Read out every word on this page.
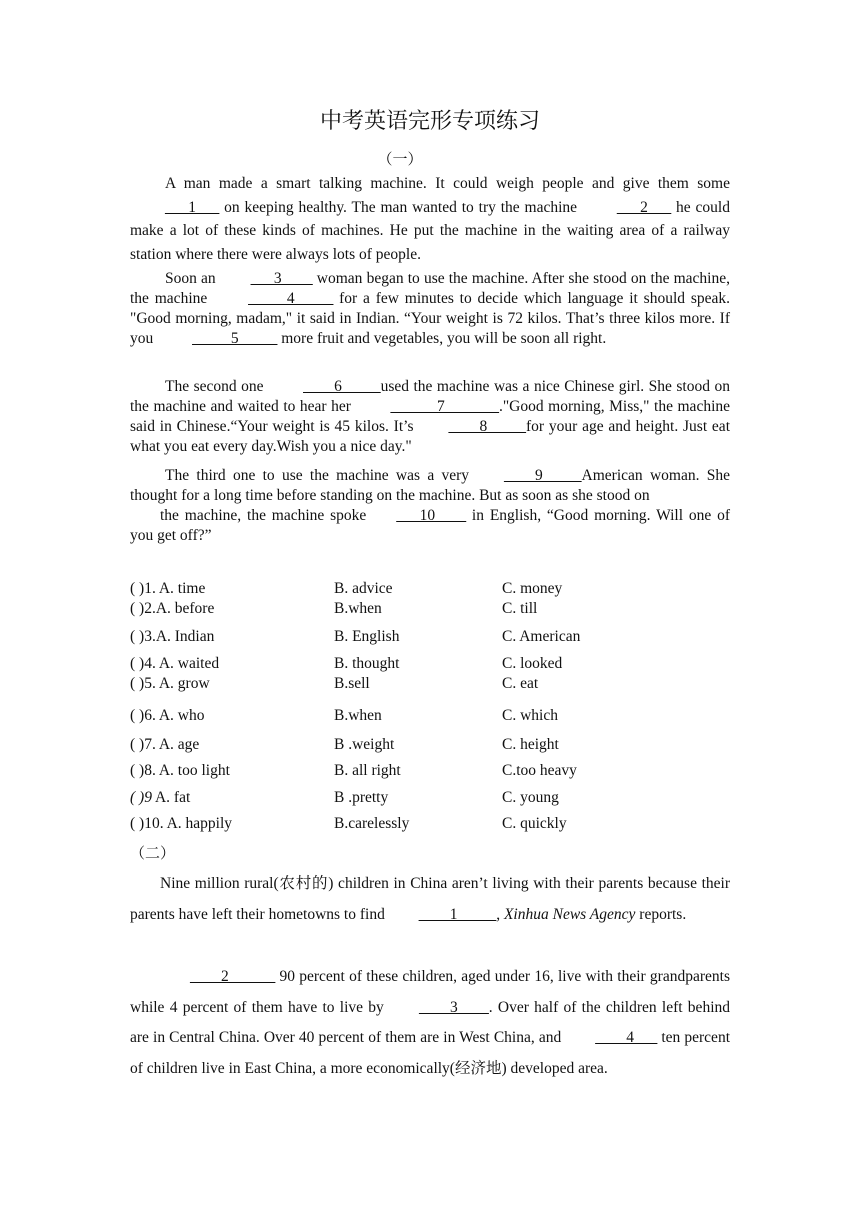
中考英语完形专项练习
（一）

A man made a smart talking machine. It could weigh people and give them some___1___ on keeping healthy. The man wanted to try the machine ___2___ he could make a lot of these kinds of machines. He put the machine in the waiting area of a railway station where there were always lots of people.

Soon an ___3____ woman began to use the machine. After she stood on the machine, the machine _____4_____ for a few minutes to decide which language it should speak. "Good morning, madam," it said in Indian. “Your weight is 72 kilos. That’s three kilos more. If you _____5_____ more fruit and vegetables, you will be soon all right.

The second one ____6_____used the machine was a nice Chinese girl. She stood on the machine and waited to hear her ______7_______."Good morning, Miss," the machine said in Chinese.“Your weight is 45 kilos. It’s ____8_____for your age and height. Just eat what you eat every day.Wish you a nice day."

The third one to use the machine was a very ____9_____American woman. She thought for a long time before standing on the machine. But as soon as she stood on

the machine, the machine spoke ___10____ in English, “Good morning. Will one of you get off?”

( )1. A. time	B. advice	C. money
( )2.A. before	B.when	C. till
( )3.A. Indian	B. English	C. American
( )4. A. waited	B. thought	C. looked
( )5. A. grow	B.sell	C. eat
( )6. A. who	B.when	C. which
( )7. A. age	B .weight	C. height
( )8. A. too light	B. all right	C.too heavy
( )9 A. fat	B .pretty	C. young
( )10. A. happily	B.carelessly	C. quickly
（二）

Nine million rural(农村的) children in China aren’t living with their parents because their parents have left their hometowns to find ____1_____, Xinhua News Agency reports.

____2______ 90 percent of these children, aged under 16, live with their grandparents while 4 percent of them have to live by ____3____. Over half of the children left behind are in Central China. Over 40 percent of them are in West China, and ____4___ ten percent of children live in East China, a more economically(经济地) developed area.
